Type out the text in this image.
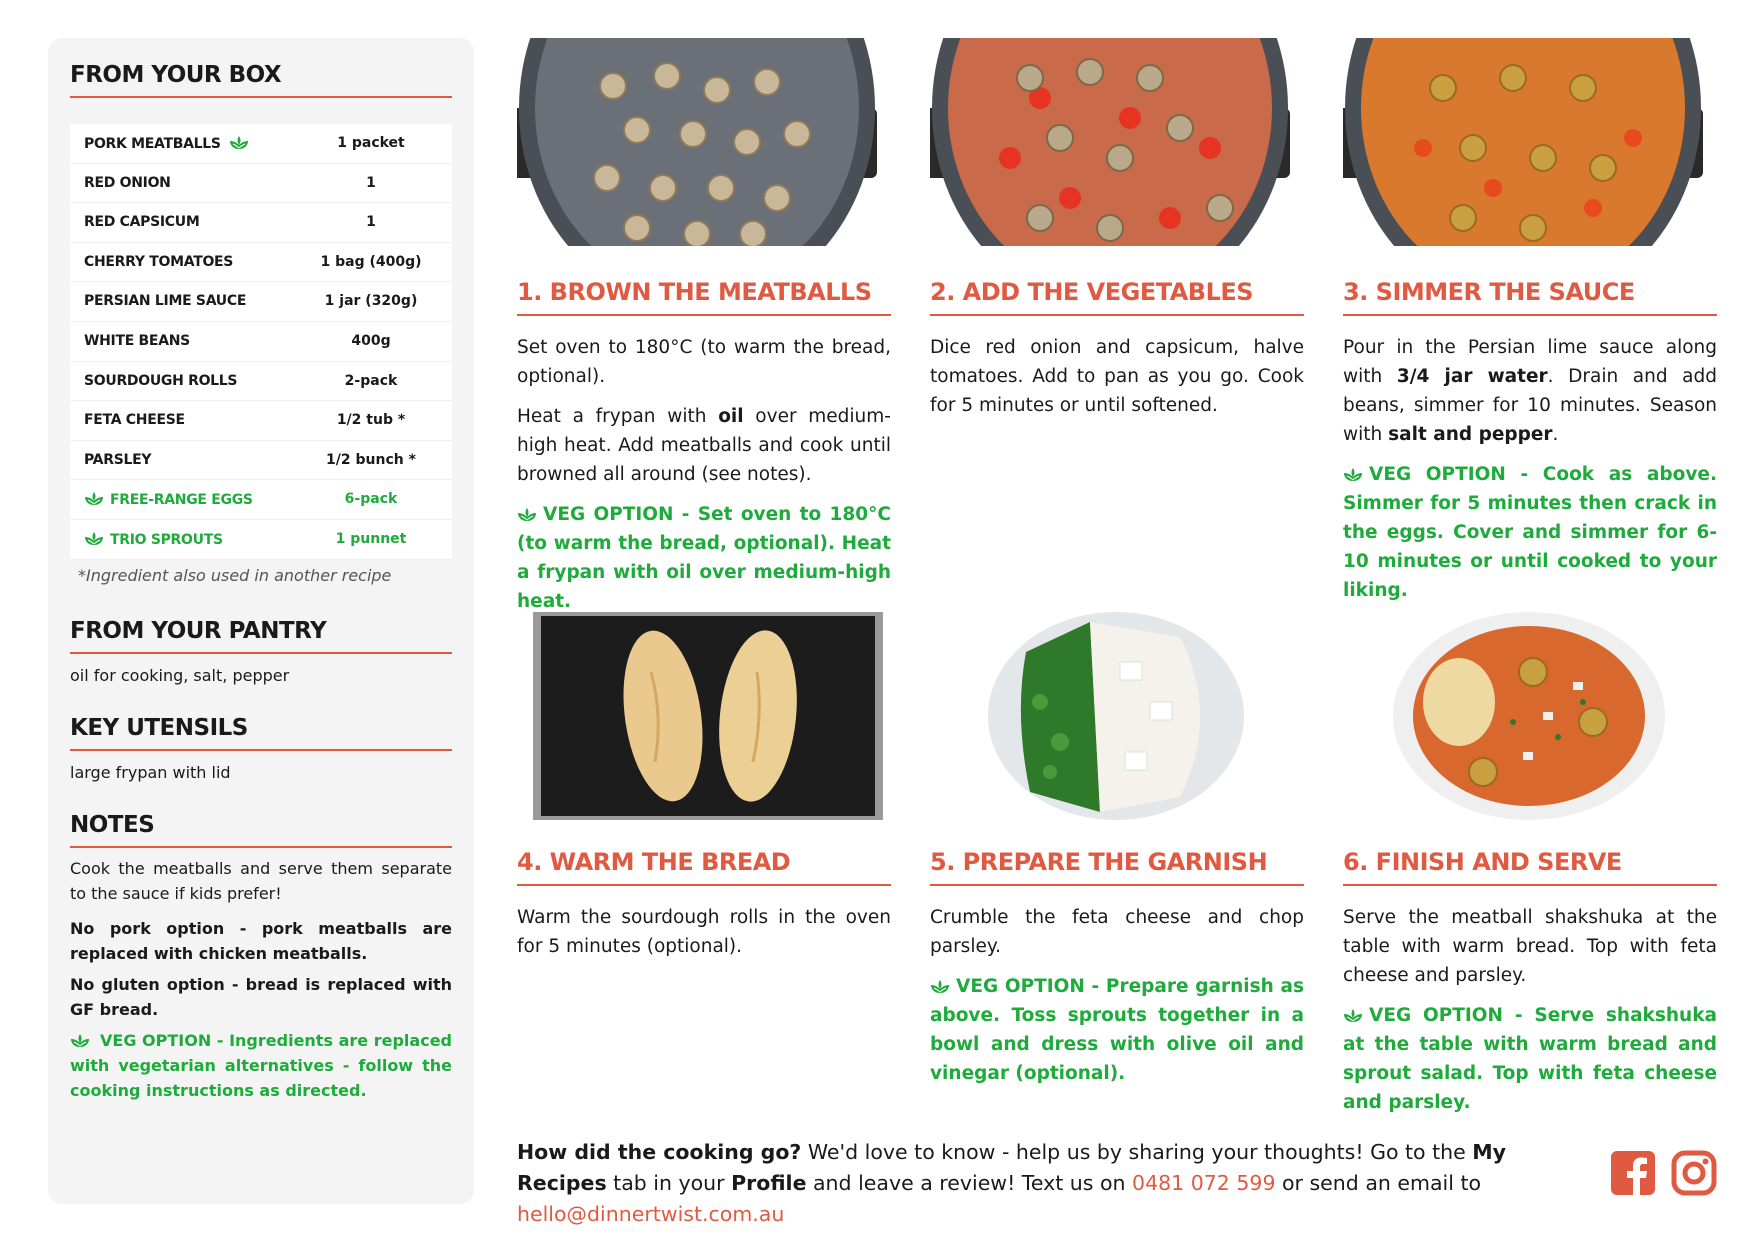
FROM YOUR BOX
PORK MEATBALLS	1 packet
RED ONION	1
RED CAPSICUM	1
CHERRY TOMATOES	1 bag (400g)
PERSIAN LIME SAUCE	1 jar (320g)
WHITE BEANS	400g
SOURDOUGH ROLLS	2-pack
FETA CHEESE	1/2 tub *
PARSLEY	1/2 bunch *
FREE-RANGE EGGS	6-pack
TRIO SPROUTS	1 punnet
*Ingredient also used in another recipe
FROM YOUR PANTRY
oil for cooking, salt, pepper
KEY UTENSILS
large frypan with lid
NOTES
Cook the meatballs and serve them separate to the sauce if kids prefer!
No pork option - pork meatballs are replaced with chicken meatballs.
No gluten option - bread is replaced with GF bread.
VEG OPTION - Ingredients are replaced with vegetarian alternatives - follow the cooking instructions as directed.
1. BROWN THE MEATBALLS

Set oven to 180°C (to warm the bread, optional).

Heat a frypan with oil over medium-high heat. Add meatballs and cook until browned all around (see notes).

VEG OPTION - Set oven to 180°C (to warm the bread, optional). Heat a frypan with oil over medium-high heat.

2. ADD THE VEGETABLES

Dice red onion and capsicum, halve tomatoes. Add to pan as you go. Cook for 5 minutes or until softened.

3. SIMMER THE SAUCE

Pour in the Persian lime sauce along with 3/4 jar water. Drain and add beans, simmer for 10 minutes. Season with salt and pepper.

VEG OPTION - Cook as above. Simmer for 5 minutes then crack in the eggs. Cover and simmer for 6-10 minutes or until cooked to your liking.

4. WARM THE BREAD

Warm the sourdough rolls in the oven for 5 minutes (optional).

5. PREPARE THE GARNISH

Crumble the feta cheese and chop parsley.

VEG OPTION - Prepare garnish as above. Toss sprouts together in a bowl and dress with olive oil and vinegar (optional).

6. FINISH AND SERVE

Serve the meatball shakshuka at the table with warm bread. Top with feta cheese and parsley.

VEG OPTION - Serve shakshuka at the table with warm bread and sprout salad. Top with feta cheese and parsley.

How did the cooking go? We'd love to know - help us by sharing your thoughts! Go to the My Recipes tab in your Profile and leave a review! Text us on 0481 072 599 or send an email to hello@dinnertwist.com.au
